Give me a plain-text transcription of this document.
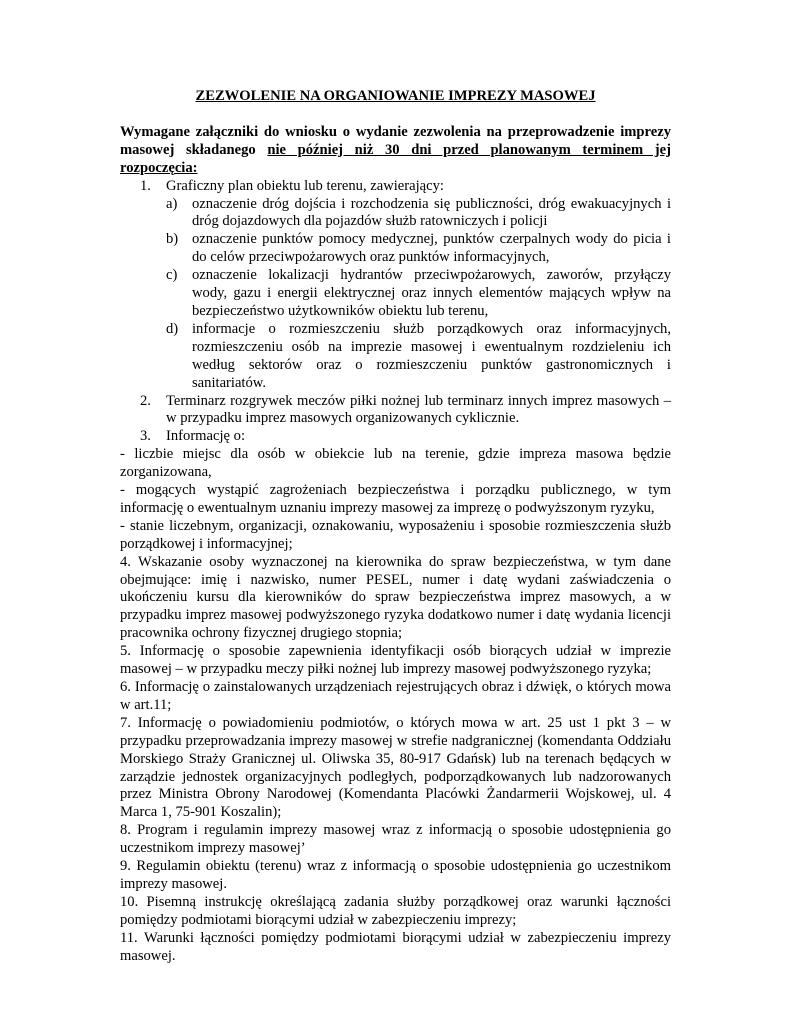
ZEZWOLENIE NA ORGANIOWANIE IMPREZY MASOWEJ

Wymagane załączniki do wniosku o wydanie zezwolenia na przeprowadzenie imprezy masowej składanego nie później niż 30 dni przed planowanym terminem jej rozpoczęcia:

1.	Graficzny plan obiektu lub terenu, zawierający:
a)	oznaczenie dróg dojścia i rozchodzenia się publiczności, dróg ewakuacyjnych i dróg dojazdowych dla pojazdów służb ratowniczych i policji
b) oznaczenie punktów pomocy medycznej, punktów czerpalnych wody do picia i do celów przeciwpożarowych oraz punktów informacyjnych,
c)	oznaczenie lokalizacji hydrantów przeciwpożarowych, zaworów, przyłączy wody, gazu i energii elektrycznej oraz innych elementów mających wpływ na bezpieczeństwo użytkowników obiektu lub terenu,
d) informacje o rozmieszczeniu służb porządkowych oraz informacyjnych, rozmieszczeniu osób na imprezie masowej i ewentualnym rozdzieleniu ich według sektorów oraz o rozmieszczeniu punktów gastronomicznych i sanitariatów.
2.	Terminarz rozgrywek meczów piłki nożnej lub terminarz innych imprez masowych – w przypadku imprez masowych organizowanych cyklicznie.
3.	Informację o:

- liczbie miejsc dla osób w obiekcie lub na terenie, gdzie impreza masowa będzie zorganizowana,

- mogących wystąpić zagrożeniach bezpieczeństwa i porządku publicznego, w tym informację o ewentualnym uznaniu imprezy masowej za imprezę o podwyższonym ryzyku,

- stanie liczebnym, organizacji, oznakowaniu, wyposażeniu i sposobie rozmieszczenia służb porządkowej i informacyjnej;

4. Wskazanie osoby wyznaczonej na kierownika do spraw bezpieczeństwa, w tym dane obejmujące: imię i nazwisko, numer PESEL, numer i datę wydani zaświadczenia o ukończeniu kursu dla kierowników do spraw bezpieczeństwa imprez masowych, a w przypadku imprez masowej podwyższonego ryzyka dodatkowo numer i datę wydania licencji pracownika ochrony fizycznej drugiego stopnia;

5. Informację o sposobie zapewnienia identyfikacji osób biorących udział w imprezie masowej – w przypadku meczy piłki nożnej lub imprezy masowej podwyższonego ryzyka;

6. Informację o zainstalowanych urządzeniach rejestrujących obraz i dźwięk, o których mowa w art.11;

7. Informację o powiadomieniu podmiotów, o których mowa w art. 25 ust 1 pkt 3 – w przypadku przeprowadzania imprezy masowej w strefie nadgranicznej (komendanta Oddziału Morskiego Straży Granicznej ul. Oliwska 35, 80-917 Gdańsk) lub na terenach będących w zarządzie jednostek organizacyjnych podległych, podporządkowanych lub nadzorowanych przez Ministra Obrony Narodowej (Komendanta Placówki Żandarmerii Wojskowej, ul. 4 Marca 1, 75-901 Koszalin);

8. Program i regulamin imprezy masowej wraz z informacją o sposobie udostępnienia go uczestnikom imprezy masowej’

9. Regulamin obiektu (terenu) wraz z informacją o sposobie udostępnienia go uczestnikom imprezy masowej.

10. Pisemną instrukcję określającą zadania służby porządkowej oraz warunki łączności pomiędzy podmiotami biorącymi udział w zabezpieczeniu imprezy;

11. Warunki łączności pomiędzy podmiotami biorącymi udział w zabezpieczeniu imprezy masowej.
